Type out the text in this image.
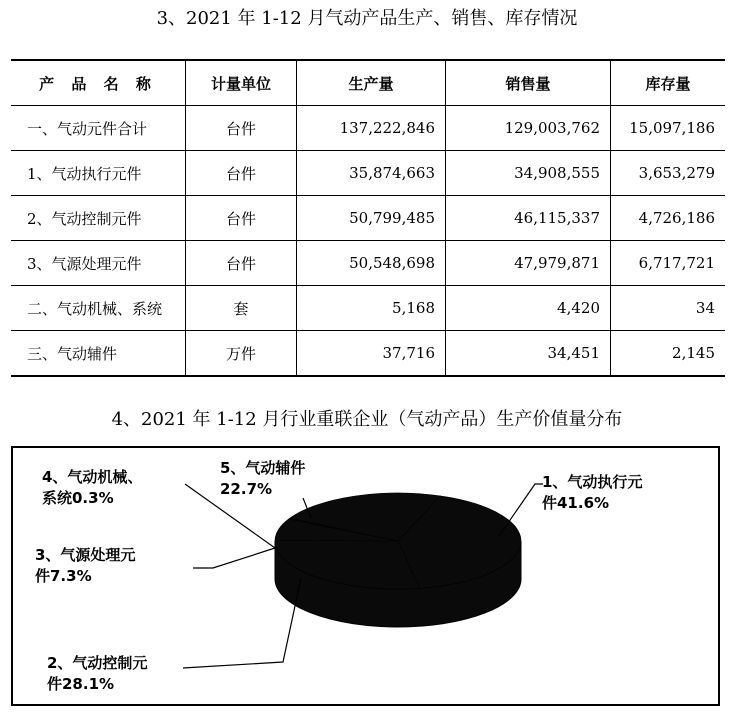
3、2021 年 1-12 月气动产品生产、销售、库存情况
产 品 名 称	计量单位	生产量	销售量	库存量
一、气动元件合计	台件	137,222,846	129,003,762	15,097,186
1、气动执行元件	台件	35,874,663	34,908,555	3,653,279
2、气动控制元件	台件	50,799,485	46,115,337	4,726,186
3、气源处理元件	台件	50,548,698	47,979,871	6,717,721
二、气动机械、系统	套	5,168	4,420	34
三、气动辅件	万件	37,716	34,451	2,145
4、2021 年 1-12 月行业重联企业（气动产品）生产价值量分布
4、气动机械、
系统0.3%
5、气动辅件
22.7%	1、气动执行元
件41.6%
3、气源处理元
件7.3%
2、气动控制元
件28.1%
